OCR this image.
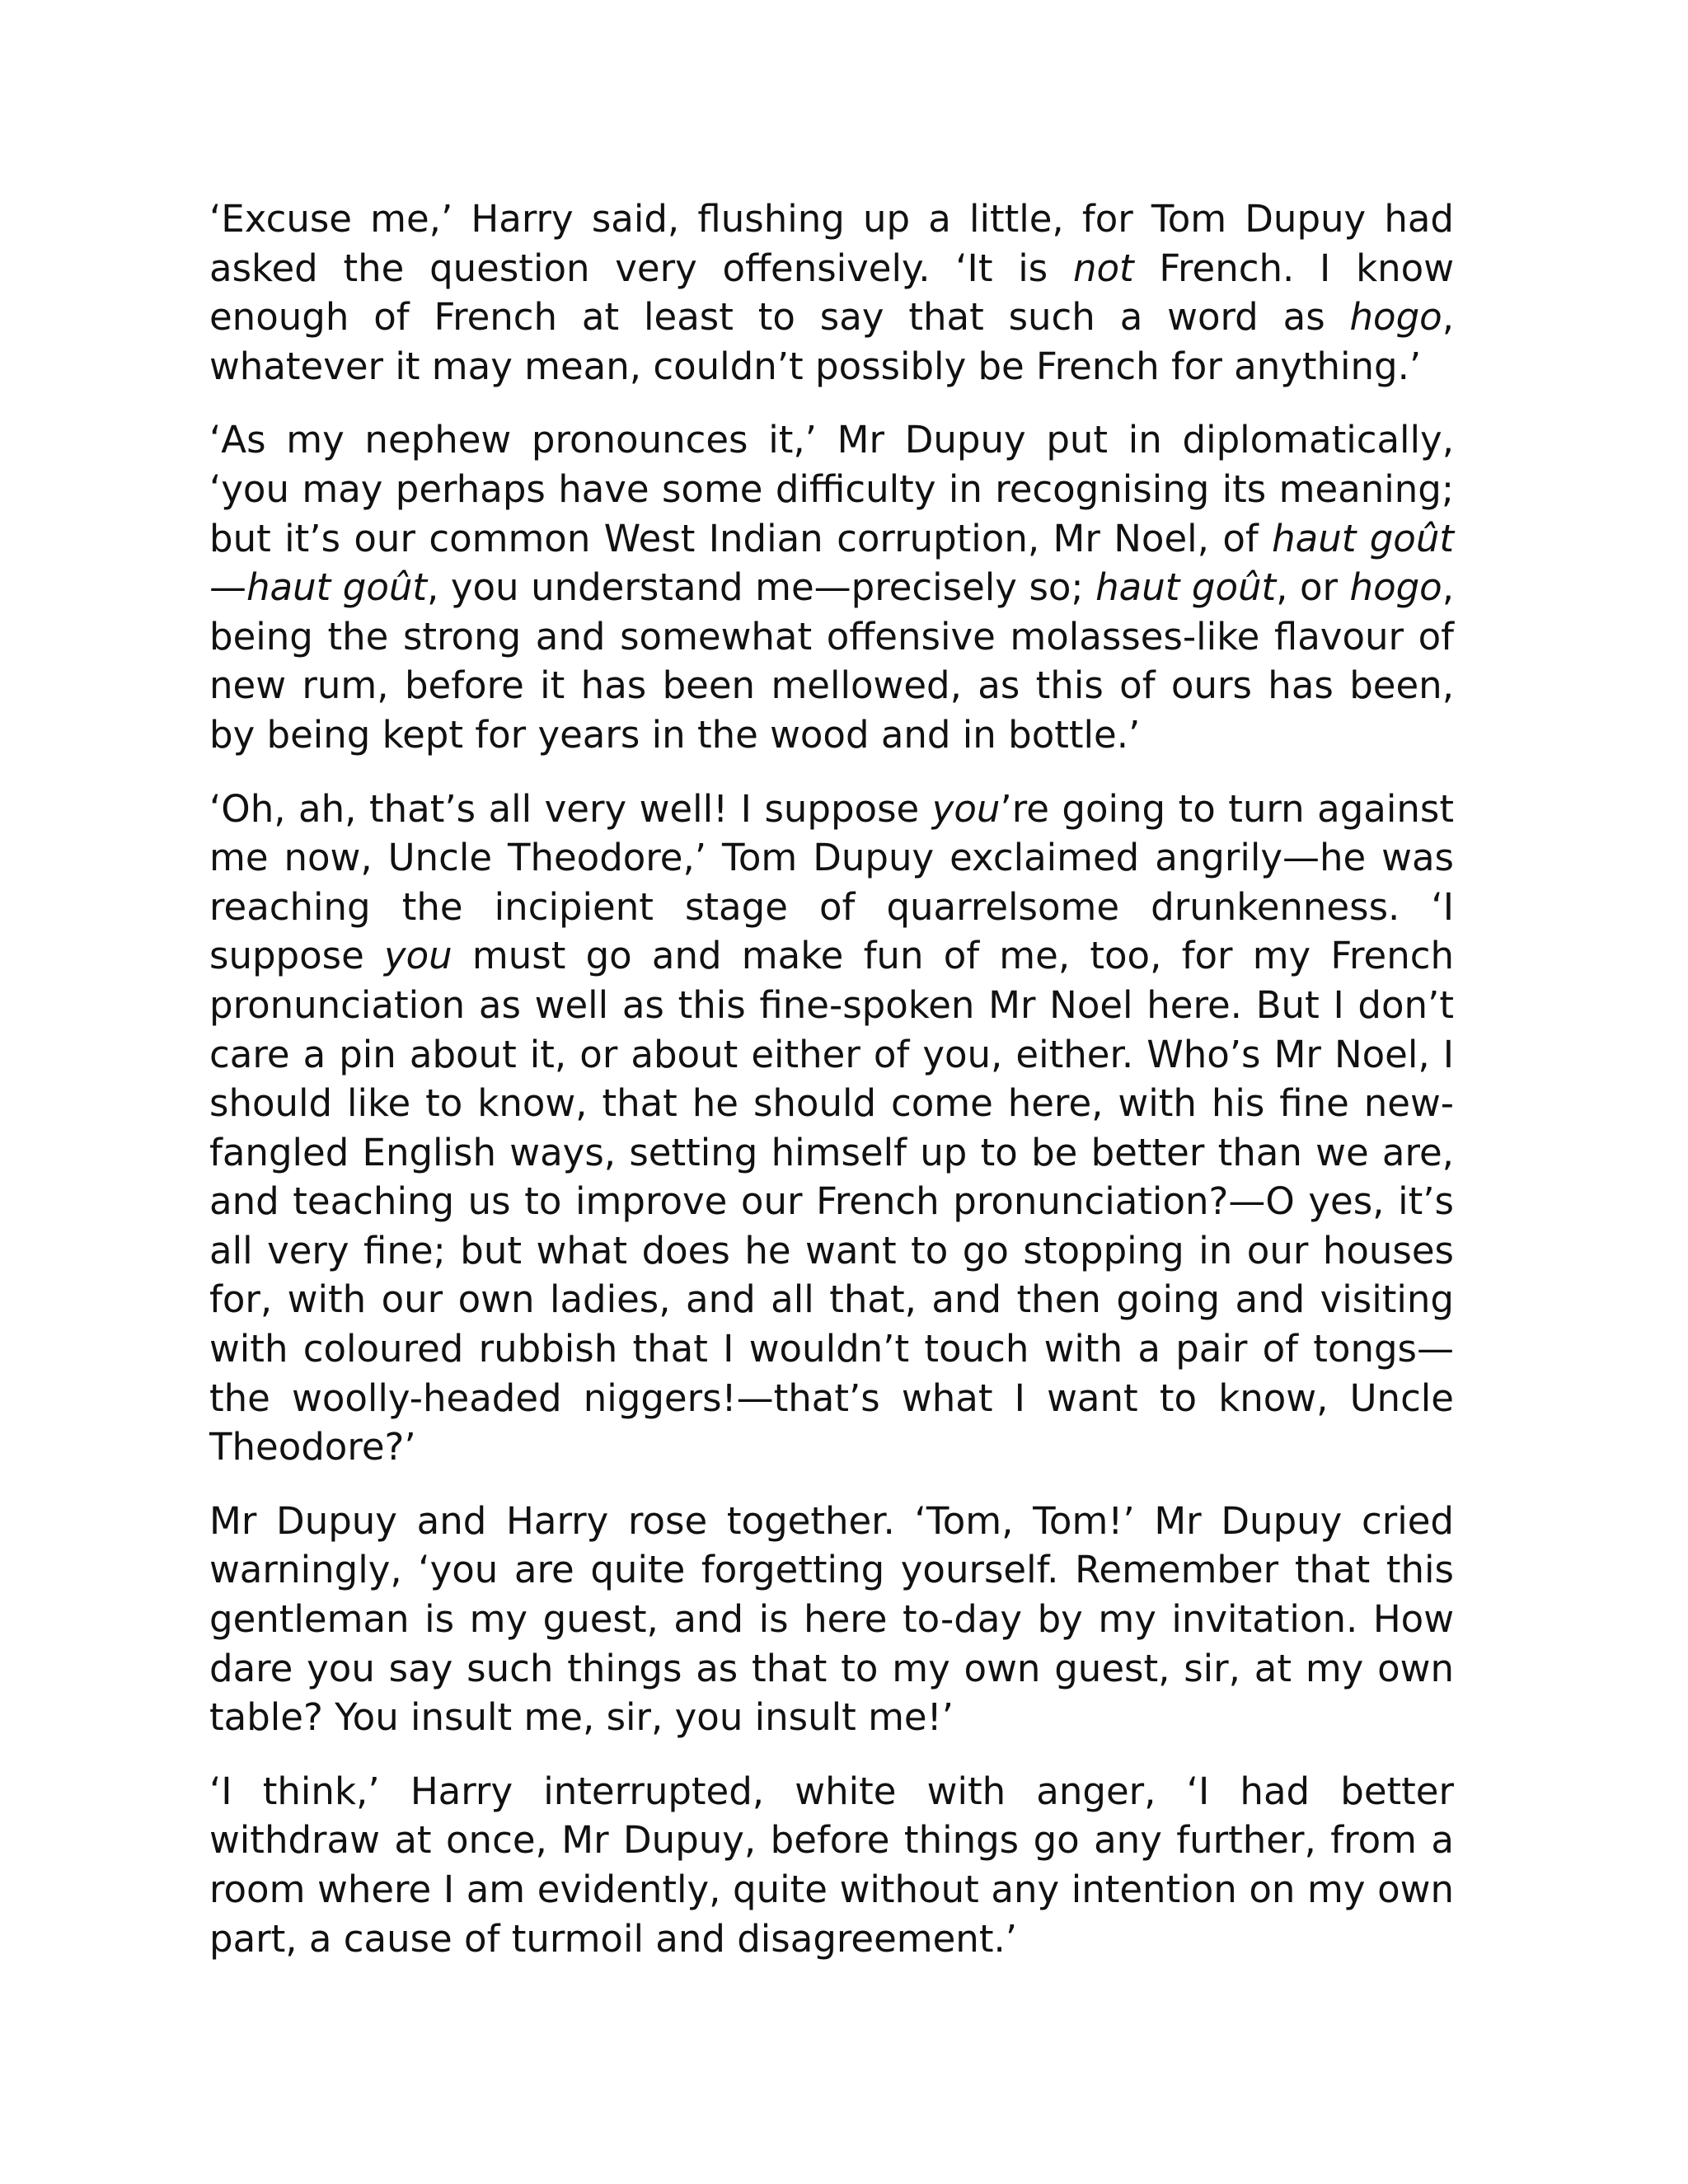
‘Excuse me,’ Harry said, flushing up a little, for Tom Dupuy had asked the question very offensively. ‘It is not French. I know enough of French at least to say that such a word as hogo, whatever it may mean, couldn’t possibly be French for anything.’

‘As my nephew pronounces it,’ Mr Dupuy put in diplomatically, ‘you may perhaps have some difficulty in recognising its meaning; but it’s our common West Indian corruption, Mr Noel, of haut goût—haut goût, you understand me—precisely so; haut goût, or hogo, being the strong and somewhat offensive molasses-like flavour of new rum, before it has been mellowed, as this of ours has been, by being kept for years in the wood and in bottle.’

‘Oh, ah, that’s all very well! I suppose you’re going to turn against me now, Uncle Theodore,’ Tom Dupuy exclaimed angrily—he was reaching the incipient stage of quarrelsome drunkenness. ‘I suppose you must go and make fun of me, too, for my French pronunciation as well as this fine-spoken Mr Noel here. But I don’t care a pin about it, or about either of you, either. Who’s Mr Noel, I should like to know, that he should come here, with his fine new-fangled English ways, setting himself up to be better than we are, and teaching us to improve our French pronunciation?—O yes, it’s all very fine; but what does he want to go stopping in our houses for, with our own ladies, and all that, and then going and visiting with coloured rubbish that I wouldn’t touch with a pair of tongs—the woolly-headed niggers!—that’s what I want to know, Uncle Theodore?’

Mr Dupuy and Harry rose together. ‘Tom, Tom!’ Mr Dupuy cried warningly, ‘you are quite forgetting yourself. Remember that this gentleman is my guest, and is here to-day by my invitation. How dare you say such things as that to my own guest, sir, at my own table? You insult me, sir, you insult me!’

‘I think,’ Harry interrupted, white with anger, ‘I had better withdraw at once, Mr Dupuy, before things go any further, from a room where I am evidently, quite without any intention on my own part, a cause of turmoil and disagreement.’
